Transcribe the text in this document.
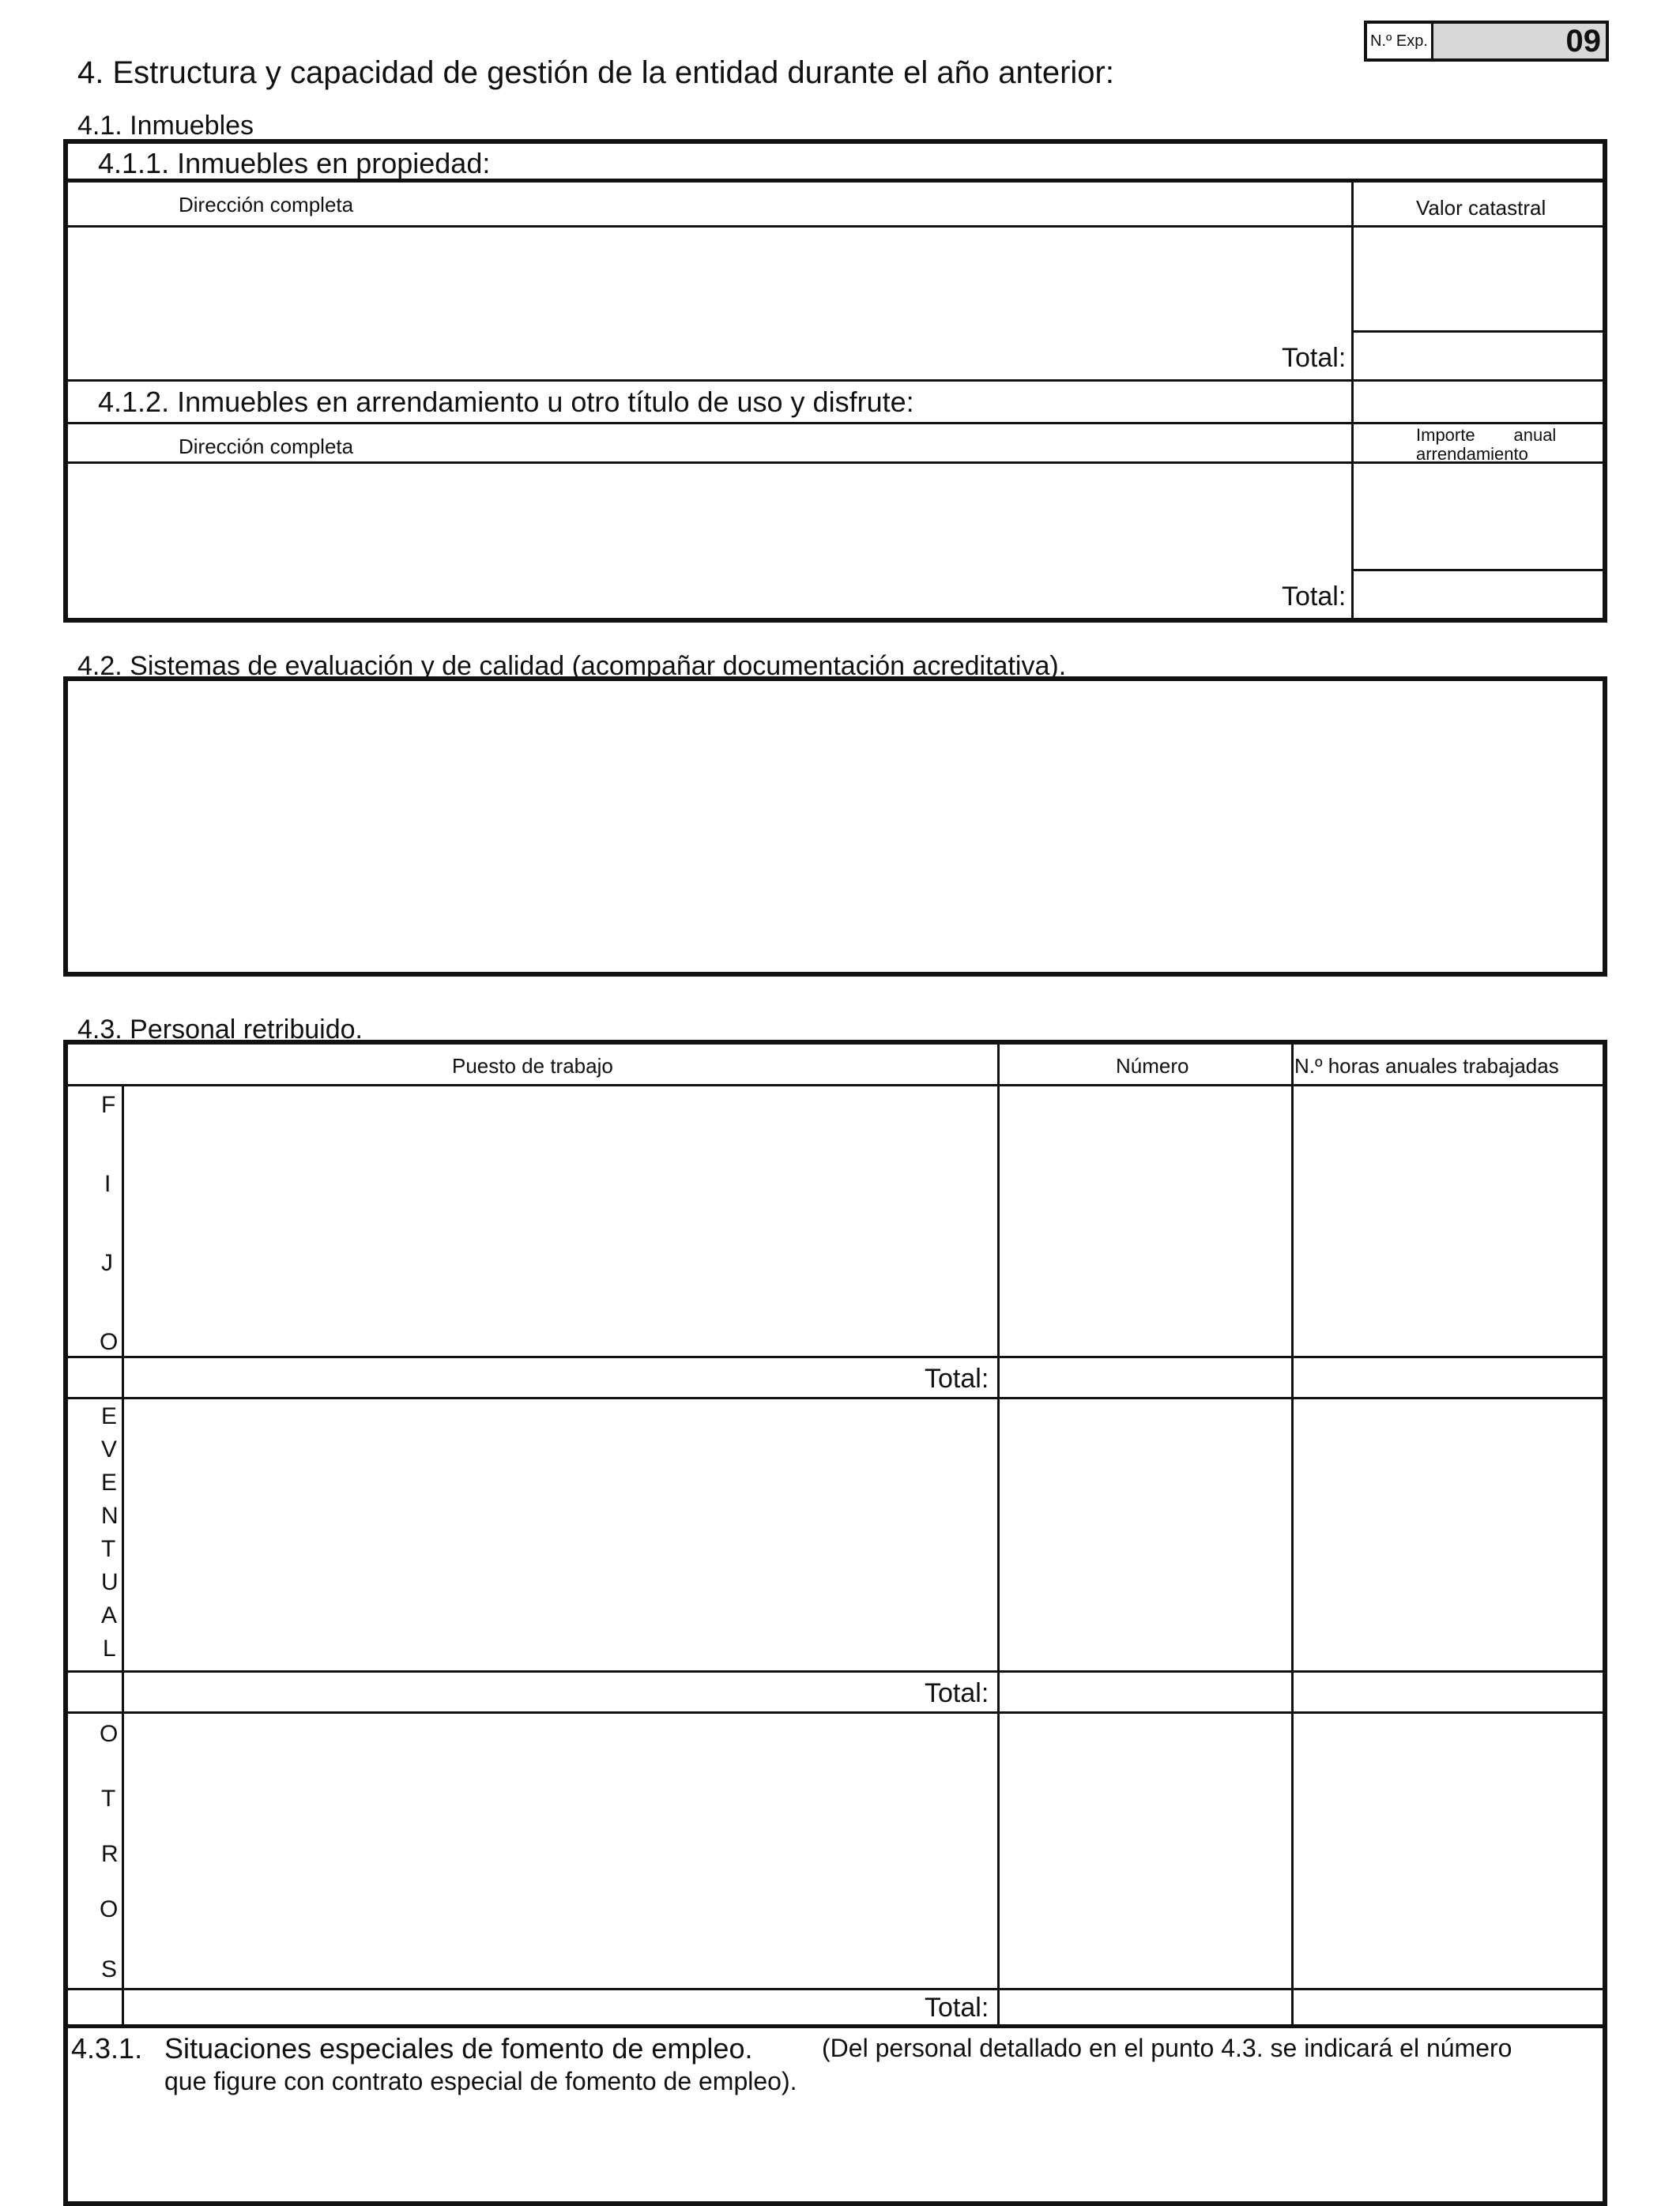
N.º Exp.	09
4. Estructura y capacidad de gestión de la entidad durante el año anterior:
4.1. Inmuebles
4.1.1. Inmuebles en propiedad:
Dirección completa	Valor catastral
Total:
4.1.2. Inmuebles en arrendamiento u otro título de uso y disfrute:
Dirección completa	Importe        anual
arrendamiento
Total:
4.2. Sistemas de evaluación y de calidad (acompañar documentación acreditativa).
4.3. Personal retribuido.
Puesto de trabajo	Número	N.º horas anuales trabajadas
F
I
J
O
Total:
E
V
E
N
T
U
A
L
Total:
O
T
R
O
S
Total:
4.3.1. Situaciones especiales de fomento de empleo.	(Del personal detallado en el punto 4.3. se indicará el número
que figure con contrato especial de fomento de empleo).
